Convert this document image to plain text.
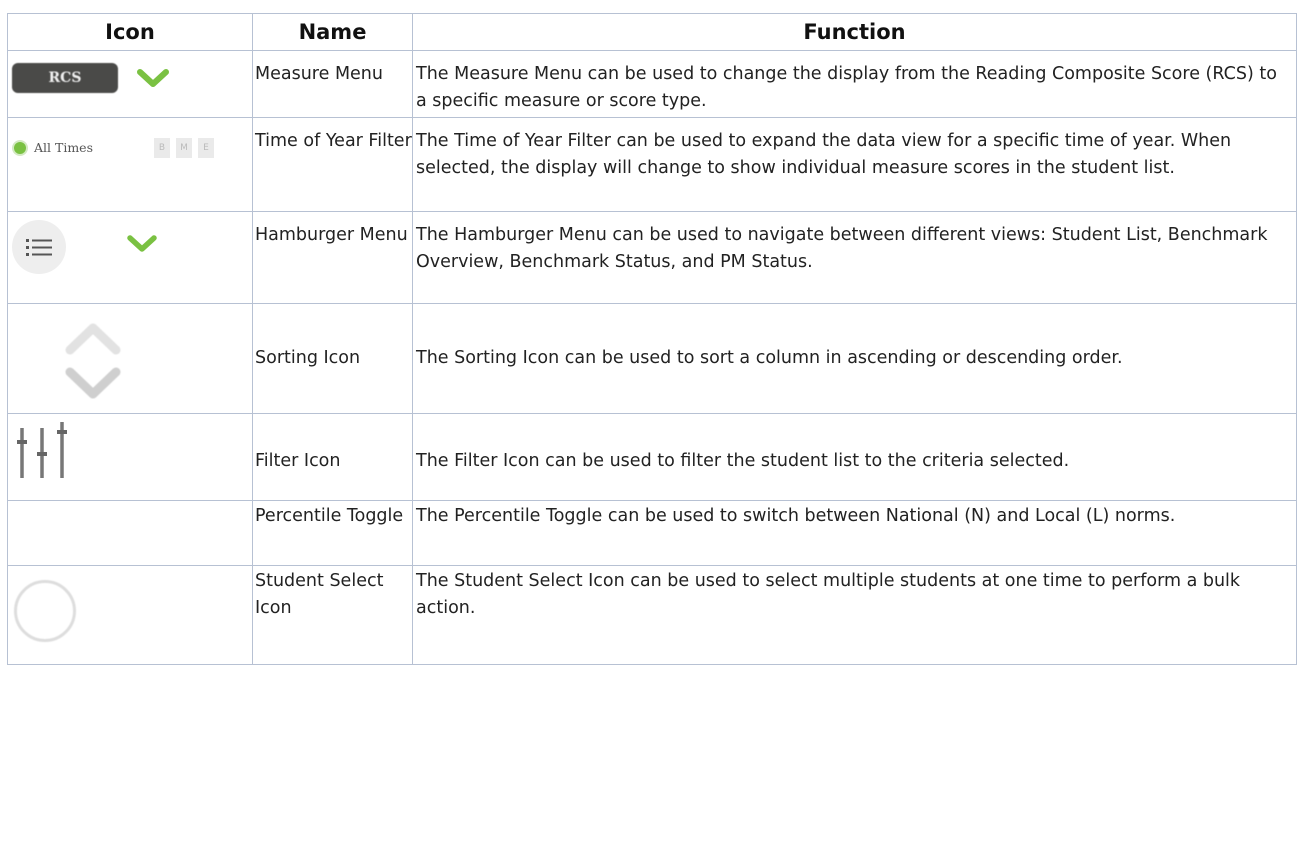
Icon	Name	Function

RCS	Measure Menu	The Measure Menu can be used to change the display from the Reading Composite Score (RCS) to a specific measure or score type.

All Times B M E	Time of Year Filter	The Time of Year Filter can be used to expand the data view for a specific time of year. When selected, the display will change to show individual measure scores in the student list.

	Hamburger Menu	The Hamburger Menu can be used to navigate between different views: Student List, Benchmark Overview, Benchmark Status, and PM Status.

	Sorting Icon	The Sorting Icon can be used to sort a column in ascending or descending order.

	Filter Icon	The Filter Icon can be used to filter the student list to the criteria selected.
	Percentile Toggle	The Percentile Toggle can be used to switch between National (N) and Local (L) norms.

	Student Select Icon	The Student Select Icon can be used to select multiple students at one time to perform a bulk action.
